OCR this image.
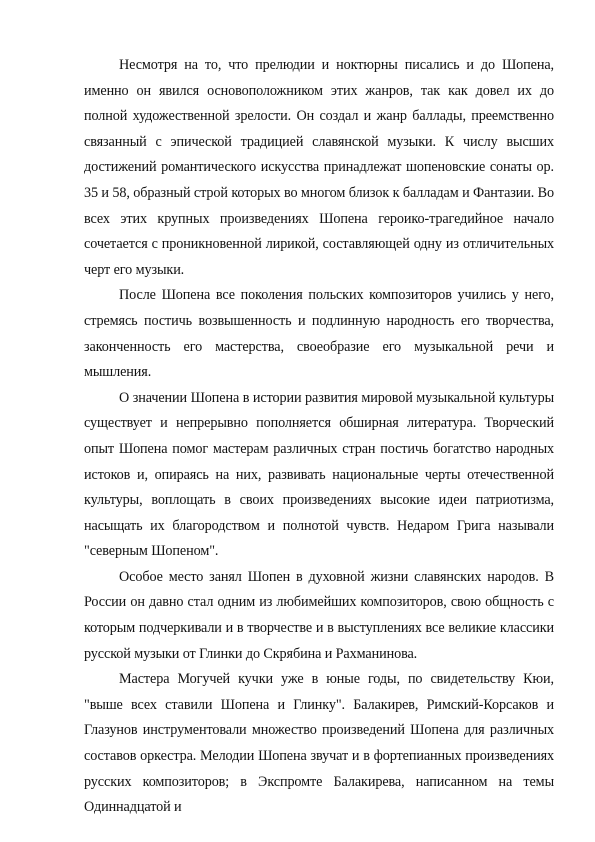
Несмотря на то, что прелюдии и ноктюрны писались и до Шопена, именно он явился основоположником этих жанров, так как довел их до полной художественной зрелости. Он создал и жанр баллады, преемственно связанный с эпической традицией славянской музыки. К числу высших достижений романтического искусства принадлежат шопеновские сонаты ор. 35 и 58, образный строй которых во многом близок к балладам и Фантазии. Во всех этих крупных произведениях Шопена героико-трагедийное начало сочетается с проникновенной лирикой, составляющей одну из отличительных черт его музыки.

После Шопена все поколения польских композиторов учились у него, стремясь постичь возвышенность и подлинную народность его творчества, законченность его мастерства, своеобразие его музыкальной речи и мышления.

О значении Шопена в истории развития мировой музыкальной культуры существует и непрерывно пополняется обширная литература. Творческий опыт Шопена помог мастерам различных стран постичь богатство народных истоков и, опираясь на них, развивать национальные черты отечественной культуры, воплощать в своих произведениях высокие идеи патриотизма, насыщать их благородством и полнотой чувств. Недаром Грига называли "северным Шопеном".

Особое место занял Шопен в духовной жизни славянских народов. В России он давно стал одним из любимейших композиторов, свою общность с которым подчеркивали и в творчестве и в выступлениях все великие классики русской музыки от Глинки до Скрябина и Рахманинова.

Мастера Могучей кучки уже в юные годы, по свидетельству Кюи, "выше всех ставили Шопена и Глинку". Балакирев, Римский-Корсаков и Глазунов инструментовали множество произведений Шопена для различных составов оркестра. Мелодии Шопена звучат и в фортепианных произведениях русских композиторов; в Экспромте Балакирева, написанном на темы Одиннадцатой и
